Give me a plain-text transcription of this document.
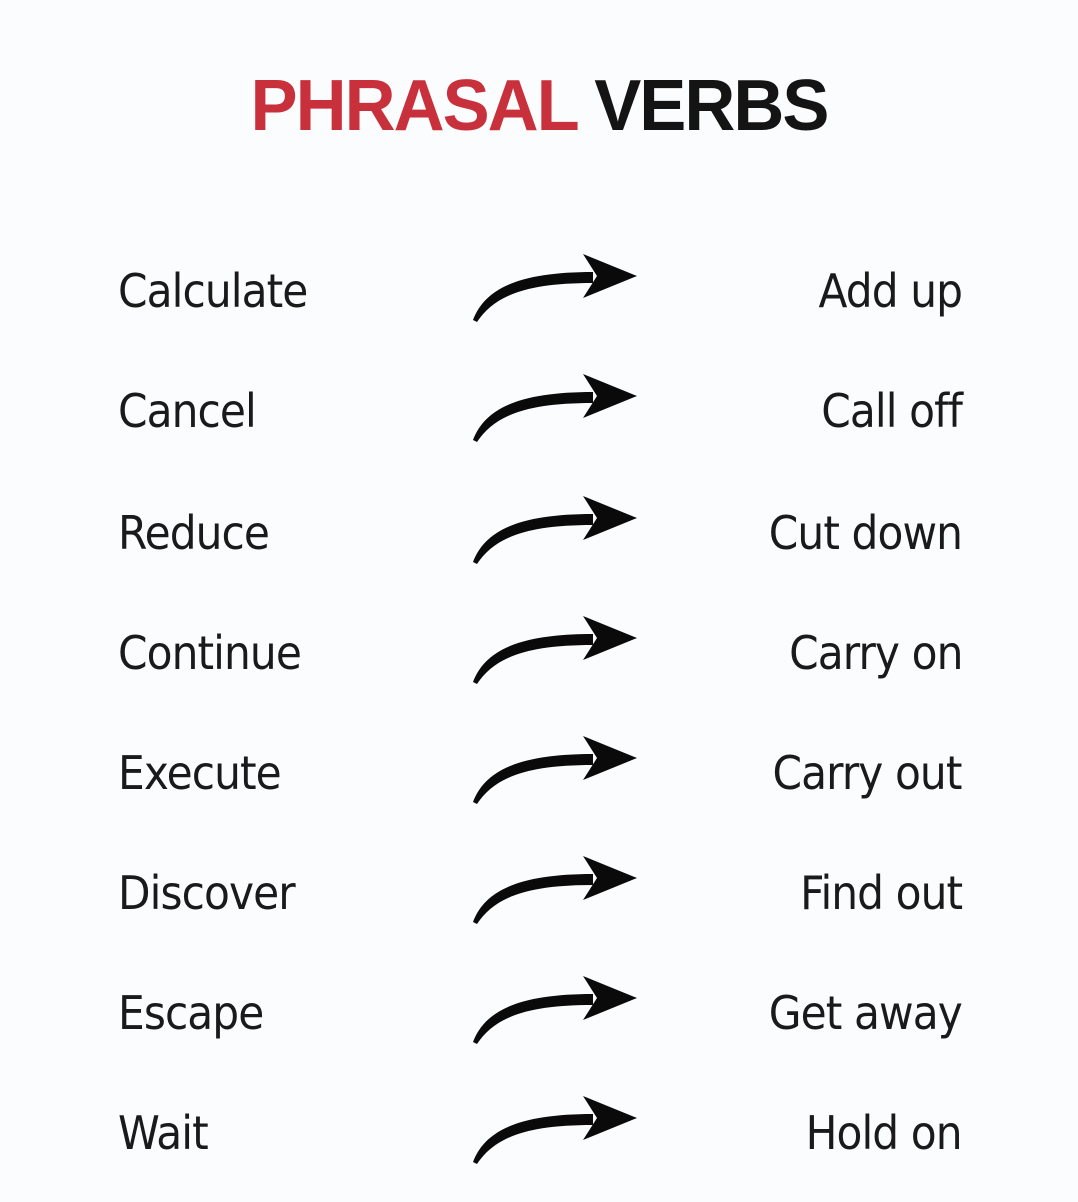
PHRASAL VERBS
Calculate	Add up
Cancel	Call off
Reduce	Cut down
Continue	Carry on
Execute	Carry out
Discover	Find out
Escape	Get away
Wait	Hold on
